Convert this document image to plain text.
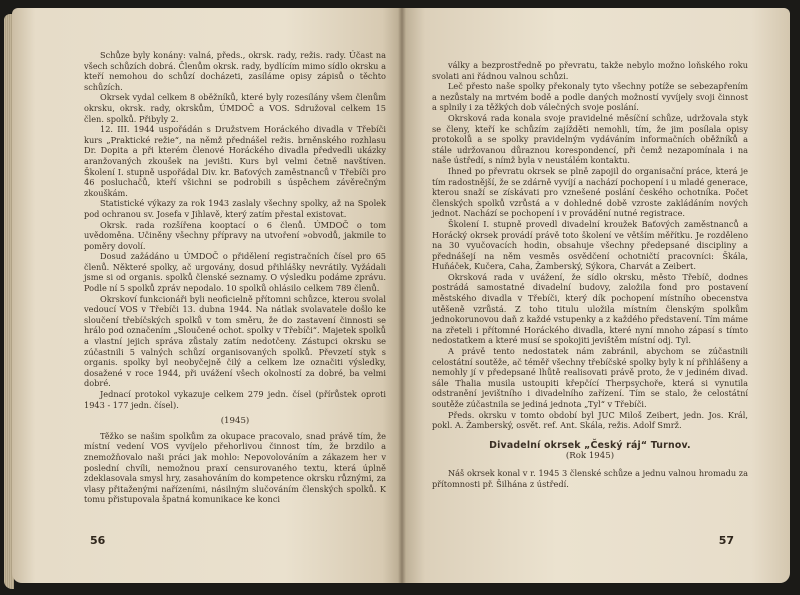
Schůze byly konány: valná, předs., okrsk. rady, režis. rady. Účast na všech schůzích dobrá. Členům okrsk. rady, bydlícím mimo sídlo okrsku a kteří nemohou do schůzí docházeti, zasíláme opisy zápisů o těchto schůzích.

Okrsek vydal celkem 8 oběžníků, které byly rozesílány všem členům okrsku, okrsk. rady, okrskům, ÚMDOČ a VOS. Sdružoval celkem 15 člen. spolků. Přibyly 2.

12. III. 1944 uspořádán s Družstvem Horáckého divadla v Třebíči kurs „Praktické režie“, na němž přednášel režis. brněnského rozhlasu Dr. Dopita a při kterém členové Horáckého divadla předvedli ukázky aranžovaných zkoušek na jevišti. Kurs byl velmi četně navštíven. Školení I. stupně uspořádal Div. kr. Baťových zaměstnanců v Třebíči pro 46 posluchačů, kteří všichni se podrobili s úspěchem závěrečným zkouškám.

Statistické výkazy za rok 1943 zaslaly všechny spolky, až na Spolek pod ochranou sv. Josefa v Jihlavě, který zatím přestal existovat.

Okrsk. rada rozšířena kooptací o 6 členů. ÚMDOČ o tom uvědoměna. Učiněny všechny přípravy na utvoření »obvodů, jakmile to poměry dovolí.

Dosud zažádáno u ÚMDOČ o přidělení registračních čísel pro 65 členů. Některé spolky, ač urgovány, dosud přihlášky nevrátily. Vyžádali jsme si od organis. spolků členské seznamy. O výsledku podáme zprávu. Podle ní 5 spolků zpráv nepodalo. 10 spolků ohlásilo celkem 789 členů.

Okrskoví funkcionáři byli neoficielně přítomni schůzce, kterou svolal vedoucí VOS v Třebíči 13. dubna 1944. Na nátlak svolavatele došlo ke sloučení třebíčských spolků v tom směru, že do zastavení činnosti se hrálo pod označením „Sloučené ochot. spolky v Třebíči“. Majetek spolků a vlastní jejich správa zůstaly zatím nedotčeny. Zástupci okrsku se zúčastnili 5 valných schůzí organisovaných spolků. Převzetí styk s organis. spolky byl neobyčejně čilý a celkem lze označiti výsledky, dosažené v roce 1944, při uvážení všech okolností za dobré, ba velmi dobré.

Jednací protokol vykazuje celkem 279 jedn. čísel (přírůstek oproti 1943 - 177 jedn. čísel).

(1945)

Těžko se našim spolkům za okupace pracovalo, snad právě tím, že místní vedení VOS vyvíjelo přehorlivou činnost tím, že brzdilo a znemožňovalo naši práci jak mohlo: Nepovolováním a zákazem her v poslední chvíli, nemožnou praxí censurovaného textu, která úplně zdeklasovala smysl hry, zasahováním do kompetence okrsku různými, za vlasy přitaženými nařízeními, násilným slučováním členských spolků. K tomu přistupovala špatná komunikace ke konci

56

války a bezprostředně po převratu, takže nebylo možno loňského roku svolati ani řádnou valnou schůzi.

Leč přesto naše spolky překonaly tyto všechny potíže se sebezapřením a nezůstaly na mrtvém bodě a podle daných možností vyvíjely svoji činnost a splnily i za těžkých dob válečných svoje poslání.

Okrsková rada konala svoje pravidelné měsíční schůze, udržovala styk se členy, kteří ke schůzím zajížděti nemohli, tím, že jim posílala opisy protokolů a se spolky pravidelným vydáváním informačních oběžníků a stále udržovanou důraznou korespondencí, při čemž nezapomínala i na naše ústředí, s nímž byla v neustálém kontaktu.

Ihned po převratu okrsek se plně zapojil do organisační práce, která je tím radostnější, že se zdárně vyvíjí a nachází pochopení i u mladé generace, kterou snaží se získávati pro vznešené poslání českého ochotníka. Počet členských spolků vzrůstá a v dohledné době vzroste zakládáním nových jednot. Nachází se pochopení i v provádění nutné registrace.

Školení I. stupně provedl divadelní kroužek Baťových zaměstnanců a Horácký okrsek provádí právě toto školení ve větším měřítku. Je rozděleno na 30 vyučovacích hodin, obsahuje všechny předepsané discipliny a přednášejí na něm vesměs osvědčení ochotničtí pracovníci: Škála, Huňáček, Kučera, Caha, Žamberský, Sýkora, Charvát a Zeibert.

Okrsková rada v uvážení, že sídlo okrsku, město Třebíč, dodnes postrádá samostatné divadelní budovy, založila fond pro postavení městského divadla v Třebíči, který dík pochopení místního obecenstva utěšeně vzrůstá. Z toho titulu uložila místním členským spolkům jednokorunovou daň z každé vstupenky a z každého představení. Tím máme na zřeteli i přítomné Horáckého divadla, které nyní mnoho zápasí s tímto nedostatkem a které musí se spokojiti jevištěm místní odj. Tyl.

A právě tento nedostatek nám zabránil, abychom se zúčastnili celostátní soutěže, ač téměř všechny třebíčské spolky byly k ní přihlášeny a nemohly jí v předepsané lhůtě realisovati právě proto, že v jediném divad. sále Thalia musila ustoupiti křepčící Therpsychoře, která si vynutila odstranění jevištního i divadelního zařízení. Tím se stalo, že celostátní soutěže zúčastnila se jediná jednota „Tyl“ v Třebíči.

Předs. okrsku v tomto období byl JUC Miloš Zeibert, jedn. Jos. Král, pokl. A. Žamberský, osvět. ref. Ant. Skála, režis. Adolf Smrž.

Divadelní okrsek „Český ráj“ Turnov.

(Rok 1945)

Náš okrsek konal v r. 1945 3 členské schůze a jednu valnou hromadu za přítomnosti př. Šilhána z ústředí.

57
